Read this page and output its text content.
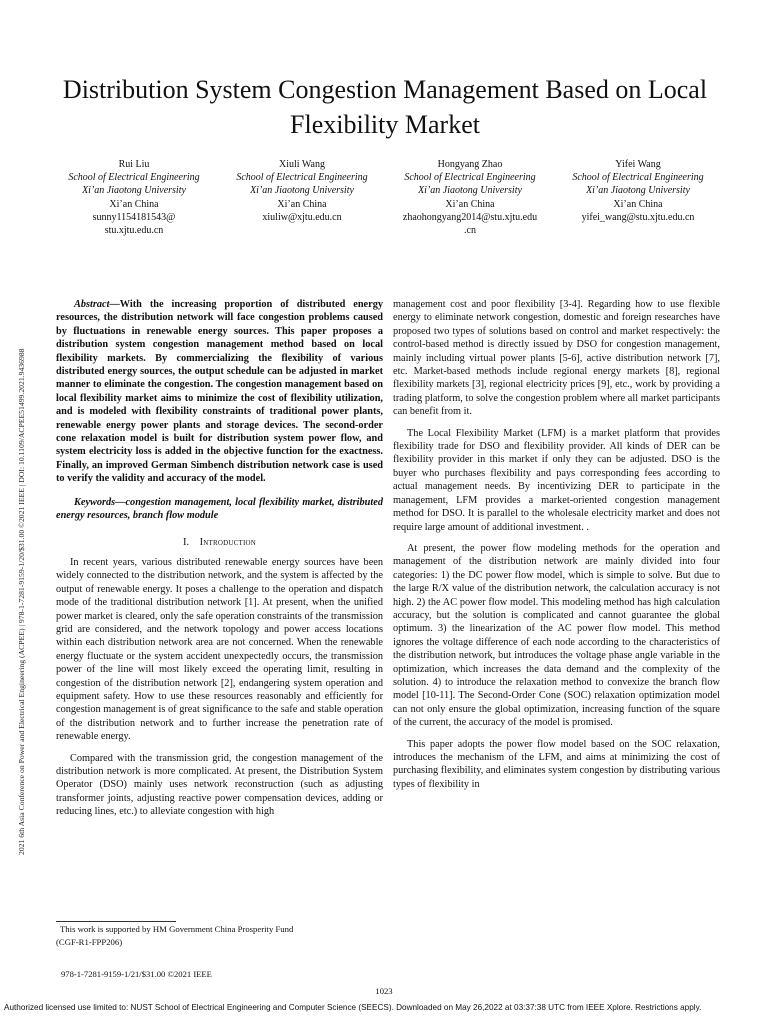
2021 6th Asia Conference on Power and Electrical Engineering (ACPEE) | 978-1-7281-9159-1/20/$31.00 ©2021 IEEE | DOI: 10.1109/ACPEE51499.2021.9436988
Distribution System Congestion Management Based on Local Flexibility Market
Rui Liu
School of Electrical Engineering
Xi’an Jiaotong University
Xi’an China
sunny1154181543@
stu.xjtu.edu.cn
Xiuli Wang
School of Electrical Engineering
Xi’an Jiaotong University
Xi’an China
xiuliw@xjtu.edu.cn
Hongyang Zhao
School of Electrical Engineering
Xi’an Jiaotong University
Xi’an China
zhaohongyang2014@stu.xjtu.edu
.cn
Yifei Wang
School of Electrical Engineering
Xi’an Jiaotong University
Xi’an China
yifei_wang@stu.xjtu.edu.cn

Abstract—With the increasing proportion of distributed energy resources, the distribution network will face congestion problems caused by fluctuations in renewable energy sources. This paper proposes a distribution system congestion management method based on local flexibility markets. By commercializing the flexibility of various distributed energy sources, the output schedule can be adjusted in market manner to eliminate the congestion. The congestion management based on local flexibility market aims to minimize the cost of flexibility utilization, and is modeled with flexibility constraints of traditional power plants, renewable energy power plants and storage devices. The second-order cone relaxation model is built for distribution system power flow, and system electricity loss is added in the objective function for the exactness. Finally, an improved German Simbench distribution network case is used to verify the validity and accuracy of the model.

Keywords—congestion management, local flexibility market, distributed energy resources, branch flow module

I. Introduction

In recent years, various distributed renewable energy sources have been widely connected to the distribution network, and the system is affected by the output of renewable energy. It poses a challenge to the operation and dispatch mode of the traditional distribution network [1]. At present, when the unified power market is cleared, only the safe operation constraints of the transmission grid are considered, and the network topology and power access locations within each distribution network area are not concerned. When the renewable energy fluctuate or the system accident unexpectedly occurs, the transmission power of the line will most likely exceed the operating limit, resulting in congestion of the distribution network [2], endangering system operation and equipment safety. How to use these resources reasonably and efficiently for congestion management is of great significance to the safe and stable operation of the distribution network and to further increase the penetration rate of renewable energy.

Compared with the transmission grid, the congestion management of the distribution network is more complicated. At present, the Distribution System Operator (DSO) mainly uses network reconstruction (such as adjusting transformer joints, adjusting reactive power compensation devices, adding or reducing lines, etc.) to alleviate congestion with high

management cost and poor flexibility [3-4]. Regarding how to use flexible energy to eliminate network congestion, domestic and foreign researches have proposed two types of solutions based on control and market respectively: the control-based method is directly issued by DSO for congestion management, mainly including virtual power plants [5-6], active distribution network [7], etc. Market-based methods include regional energy markets [8], regional flexibility markets [3], regional electricity prices [9], etc., work by providing a trading platform, to solve the congestion problem where all market participants can benefit from it.

The Local Flexibility Market (LFM) is a market platform that provides flexibility trade for DSO and flexibility provider. All kinds of DER can be flexibility provider in this market if only they can be adjusted. DSO is the buyer who purchases flexibility and pays corresponding fees according to actual management needs. By incentivizing DER to participate in the management, LFM provides a market-oriented congestion management method for DSO. It is parallel to the wholesale electricity market and does not require large amount of additional investment. .

At present, the power flow modeling methods for the operation and management of the distribution network are mainly divided into four categories: 1) the DC power flow model, which is simple to solve. But due to the large R/X value of the distribution network, the calculation accuracy is not high. 2) the AC power flow model. This modeling method has high calculation accuracy, but the solution is complicated and cannot guarantee the global optimum. 3) the linearization of the AC power flow model. This method ignores the voltage difference of each node according to the characteristics of the distribution network, but introduces the voltage phase angle variable in the optimization, which increases the data demand and the complexity of the solution. 4) to introduce the relaxation method to convexize the branch flow model [10-11]. The Second-Order Cone (SOC) relaxation optimization model can not only ensure the global optimization, increasing function of the square of the current, the accuracy of the model is promised.

This paper adopts the power flow model based on the SOC relaxation, introduces the mechanism of the LFM, and aims at minimizing the cost of purchasing flexibility, and eliminates system congestion by distributing various types of flexibility in

This work is supported by HM Government China Prosperity Fund
(CGF-R1-FPP206)
978-1-7281-9159-1/21/$31.00 ©2021 IEEE
1023
Authorized licensed use limited to: NUST School of Electrical Engineering and Computer Science (SEECS). Downloaded on May 26,2022 at 03:37:38 UTC from IEEE Xplore. Restrictions apply.
